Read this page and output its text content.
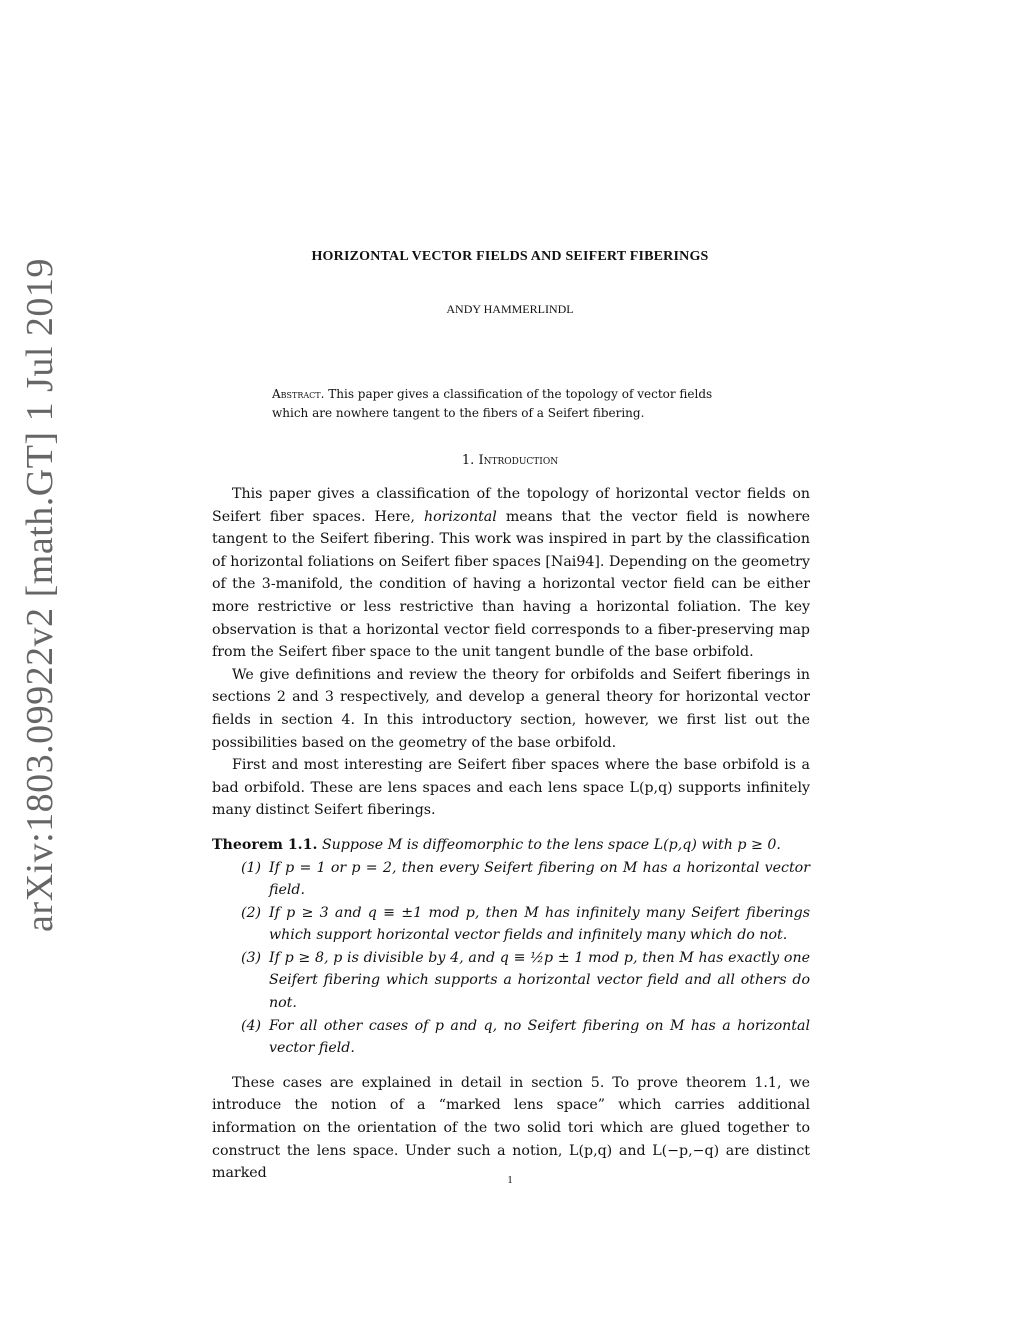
arXiv:1803.09922v2 [math.GT] 1 Jul 2019
HORIZONTAL VECTOR FIELDS AND SEIFERT FIBERINGS
ANDY HAMMERLINDL
Abstract. This paper gives a classification of the topology of vector fields which are nowhere tangent to the fibers of a Seifert fibering.
1. Introduction

This paper gives a classification of the topology of horizontal vector fields on Seifert fiber spaces. Here, horizontal means that the vector field is nowhere tangent to the Seifert fibering. This work was inspired in part by the classification of horizontal foliations on Seifert fiber spaces [Nai94]. Depending on the geometry of the 3-manifold, the condition of having a horizontal vector field can be either more restrictive or less restrictive than having a horizontal foliation. The key observation is that a horizontal vector field corresponds to a fiber-preserving map from the Seifert fiber space to the unit tangent bundle of the base orbifold.

We give definitions and review the theory for orbifolds and Seifert fiberings in sections 2 and 3 respectively, and develop a general theory for horizontal vector fields in section 4. In this introductory section, however, we first list out the possibilities based on the geometry of the base orbifold.

First and most interesting are Seifert fiber spaces where the base orbifold is a bad orbifold. These are lens spaces and each lens space L(p,q) supports infinitely many distinct Seifert fiberings.

Theorem 1.1. Suppose M is diffeomorphic to the lens space L(p,q) with p ≥ 0.
(1) If p = 1 or p = 2, then every Seifert fibering on M has a horizontal vector field.
(2) If p ≥ 3 and q ≡ ±1 mod p, then M has infinitely many Seifert fiberings which support horizontal vector fields and infinitely many which do not.
(3) If p ≥ 8, p is divisible by 4, and q ≡ ½p ± 1 mod p, then M has exactly one Seifert fibering which supports a horizontal vector field and all others do not.
(4) For all other cases of p and q, no Seifert fibering on M has a horizontal vector field.

These cases are explained in detail in section 5. To prove theorem 1.1, we introduce the notion of a “marked lens space” which carries additional information on the orientation of the two solid tori which are glued together to construct the lens space. Under such a notion, L(p,q) and L(−p,−q) are distinct marked	1
